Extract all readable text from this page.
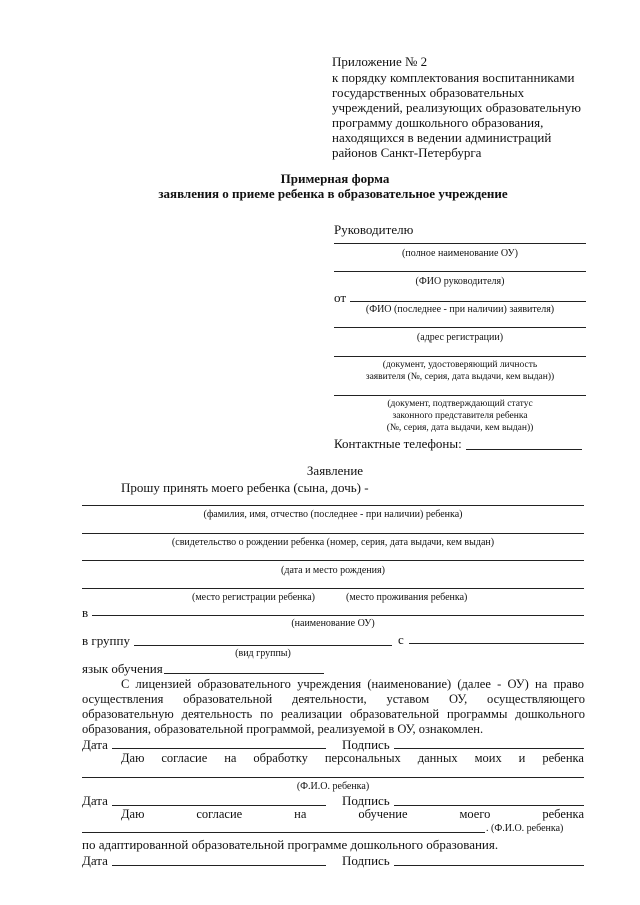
Приложение № 2
к порядку комплектования воспитанниками
государственных образовательных
учреждений, реализующих образовательную
программу дошкольного образования,
находящихся в ведении администраций
районов Санкт-Петербурга
Примерная форма
заявления о приеме ребенка в образовательное учреждение
Руководителю
(полное наименование ОУ)
(ФИО руководителя)
от
(ФИО (последнее - при наличии) заявителя)
(адрес регистрации)
(документ, удостоверяющий личность
заявителя (№, серия, дата выдачи, кем выдан))
(документ, подтверждающий статус
законного представителя ребенка
(№, серия, дата выдачи, кем выдан))
Контактные телефоны:
Заявление
Прошу принять моего ребенка (сына, дочь) -
(фамилия, имя, отчество (последнее - при наличии) ребенка)
(свидетельство о рождении ребенка (номер, серия, дата выдачи, кем выдан)
(дата и место рождения)
(место регистрации ребенка)	(место проживания ребенка)
в
(наименование ОУ)
в группу	с
(вид группы)
язык обучения
С лицензией образовательного учреждения (наименование) (далее - ОУ) на право
осуществления образовательной деятельности, уставом ОУ, осуществляющего
образовательную деятельность по реализации образовательной программы дошкольного
образования, образовательной программой, реализуемой в ОУ, ознакомлен.
Дата	Подпись
Даю согласие на обработку персональных данных моих и ребенка
(Ф.И.О. ребенка)
Дата	Подпись
Даю	согласие	на	обучение	моего	ребенка
. (Ф.И.О. ребенка)
по адаптированной образовательной программе дошкольного образования.
Дата	Подпись
